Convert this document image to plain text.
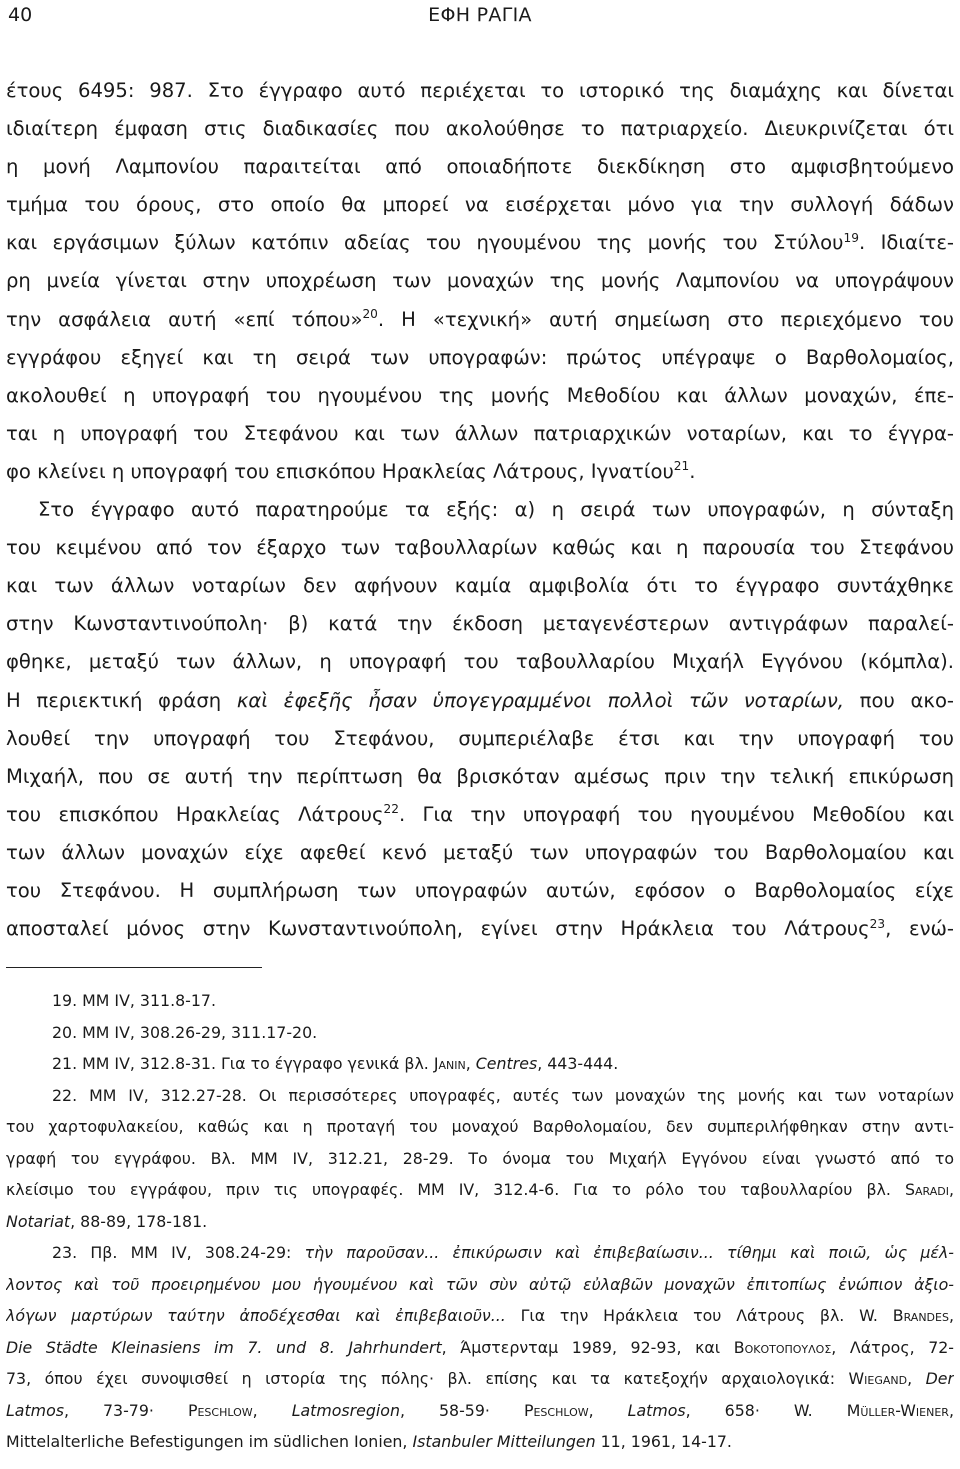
40	ΕΦΗ ΡΑΓΙΑ
έτους 6495: 987. Στο έγγραφο αυτό περιέχεται το ιστορικό της διαμάχης και δίνεται
ιδιαίτερη έμφαση στις διαδικασίες που ακολούθησε το πατριαρχείο. Διευκρινίζεται ότι
η μονή Λαμπονίου παραιτείται από οποιαδήποτε διεκδίκηση στο αμφισβητούμενο
τμήμα του όρους, στο οποίο θα μπορεί να εισέρχεται μόνο για την συλλογή δάδων
και εργάσιμων ξύλων κατόπιν αδείας του ηγουμένου της μονής του Στύλου$^{19}$. Ιδιαίτε-
ρη μνεία γίνεται στην υποχρέωση των μοναχών της μονής Λαμπονίου να υπογράψουν
την ασφάλεια αυτή «επί τόπου»$^{20}$. Η «τεχνική» αυτή σημείωση στο περιεχόμενο του
εγγράφου εξηγεί και τη σειρά των υπογραφών: πρώτος υπέγραψε ο Βαρθολομαίος,
ακολουθεί η υπογραφή του ηγουμένου της μονής Μεθοδίου και άλλων μοναχών, έπε-
ται η υπογραφή του Στεφάνου και των άλλων πατριαρχικών νοταρίων, και το έγγρα-
φο κλείνει η υπογραφή του επισκόπου Ηρακλείας Λάτρους, Ιγνατίου$^{21}$.
Στο έγγραφο αυτό παρατηρούμε τα εξής: α) η σειρά των υπογραφών, η σύνταξη
του κειμένου από τον έξαρχο των ταβουλλαρίων καθώς και η παρουσία του Στεφάνου
και των άλλων νοταρίων δεν αφήνουν καμία αμφιβολία ότι το έγγραφο συντάχθηκε
στην Κωνσταντινούπολη· β) κατά την έκδοση μεταγενέστερων αντιγράφων παραλεί-
φθηκε, μεταξύ των άλλων, η υπογραφή του ταβουλλαρίου Μιχαήλ Εγγόνου (κόμπλα).
Η περιεκτική φράση καὶ ἐφεξῆς ἦσαν ὑπογεγραμμένοι πολλοὶ τῶν νοταρίων, που ακο-
λουθεί την υπογραφή του Στεφάνου, συμπεριέλαβε έτσι και την υπογραφή του
Μιχαήλ, που σε αυτή την περίπτωση θα βρισκόταν αμέσως πριν την τελική επικύρωση
του επισκόπου Ηρακλείας Λάτρους$^{22}$. Για την υπογραφή του ηγουμένου Μεθοδίου και
των άλλων μοναχών είχε αφεθεί κενό μεταξύ των υπογραφών του Βαρθολομαίου και
του Στεφάνου. Η συμπλήρωση των υπογραφών αυτών, εφόσον ο Βαρθολομαίος είχε
αποσταλεί μόνος στην Κωνσταντινούπολη, εγίνει στην Ηράκλεια του Λάτρους$^{23}$, ενώ-
19. MM IV, 311.8-17.
20. MM IV, 308.26-29, 311.17-20.
21. MM IV, 312.8-31. Για το έγγραφο γενικά βλ. Janin, Centres, 443-444.
22. MM IV, 312.27-28. Οι περισσότερες υπογραφές, αυτές των μοναχών της μονής και των νοταρίων
του χαρτοφυλακείου, καθώς και η προταγή του μοναχού Βαρθολομαίου, δεν συμπεριλήφθηκαν στην αντι-
γραφή του εγγράφου. Βλ. MM IV, 312.21, 28-29. Το όνομα του Μιχαήλ Εγγόνου είναι γνωστό από το
κλείσιμο του εγγράφου, πριν τις υπογραφές. MM IV, 312.4-6. Για το ρόλο του ταβουλλαρίου βλ. Saradi,
Notariat, 88-89, 178-181.
23. Πβ. MM IV, 308.24-29: τὴν παροῦσαν... ἐπικύρωσιν καὶ ἐπιβεβαίωσιν... τίθημι καὶ ποιῶ, ὡς μέλ-
λοντος καὶ τοῦ προειρημένου μου ἡγουμένου καὶ τῶν σὺν αὐτῷ εὐλαβῶν μοναχῶν ἐπιτοπίως ἐνώπιον ἀξιο-
λόγων μαρτύρων ταύτην ἀποδέχεσθαι καὶ ἐπιβεβαιοῦν... Για την Ηράκλεια του Λάτρους βλ. W. Brandes,
Die Städte Kleinasiens im 7. und 8. Jahrhundert, Άμστερνταμ 1989, 92-93, και Βοκοτοπουλος, Λάτρος, 72-
73, όπου έχει συνοψισθεί η ιστορία της πόλης· βλ. επίσης και τα κατεξοχήν αρχαιολογικά: Wiegand, Der
Latmos, 73-79· Peschlow, Latmosregion, 58-59· Peschlow, Latmos, 658· W. Müller-Wiener,
Mittelalterliche Befestigungen im südlichen Ionien, Istanbuler Mitteilungen 11, 1961, 14-17.
